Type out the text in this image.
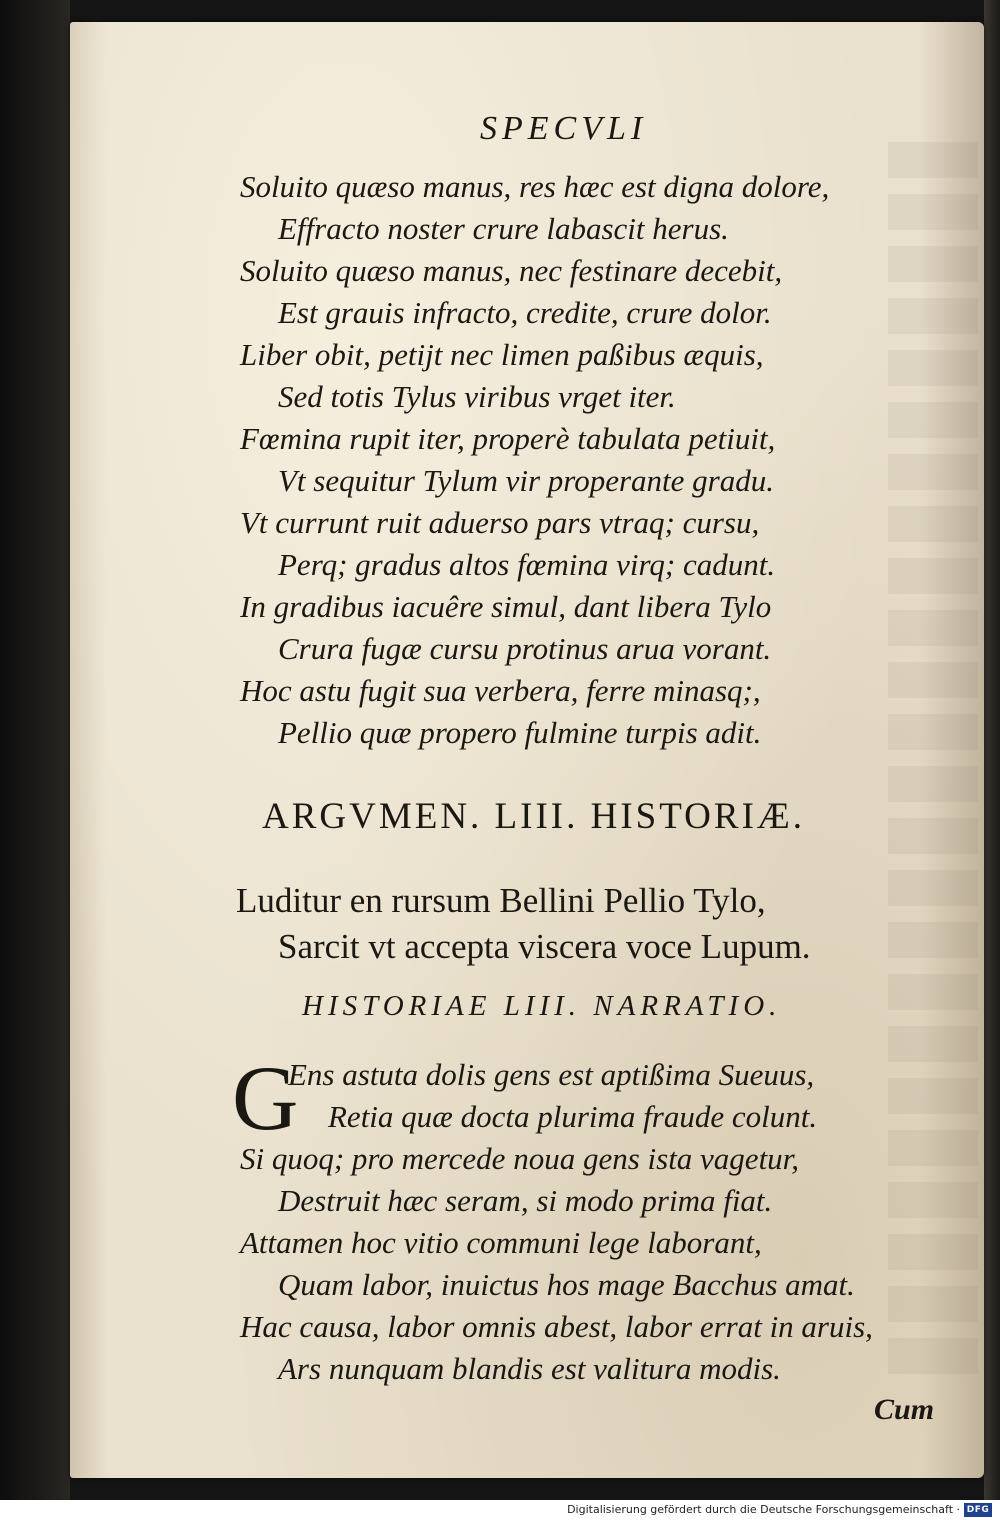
SPECVLI
Soluito quæso manus, res hæc est digna dolore,
Effracto noster crure labascit herus.
Soluito quæso manus, nec festinare decebit,
Est grauis infracto, credite, crure dolor.
Liber obit, petijt nec limen paßibus æquis,
Sed totis Tylus viribus vrget iter.
Fœmina rupit iter, properè tabulata petiuit,
Vt sequitur Tylum vir properante gradu.
Vt currunt ruit aduerso pars vtraq; cursu,
Perq; gradus altos fœmina virq; cadunt.
In gradibus iacuêre simul, dant libera Tylo
Crura fugæ cursu protinus arua vorant.
Hoc astu fugit sua verbera, ferre minasq;,
Pellio quæ propero fulmine turpis adit.
ARGVMEN. LIII. HISTORIÆ.
Luditur en rursum Bellini Pellio Tylo,
Sarcit vt accepta viscera voce Lupum.
HISTORIAE LIII. NARRATIO.
G
Ens astuta dolis gens est aptißima Sueuus,
Retia quæ docta plurima fraude colunt.
Si quoq; pro mercede noua gens ista vagetur,
Destruit hæc seram, si modo prima fiat.
Attamen hoc vitio communi lege laborant,
Quam labor, inuictus hos mage Bacchus amat.
Hac causa, labor omnis abest, labor errat in aruis,
Ars nunquam blandis est valitura modis.
Cum
Digitalisierung gefördert durch die Deutsche Forschungsgemeinschaft · DFG
